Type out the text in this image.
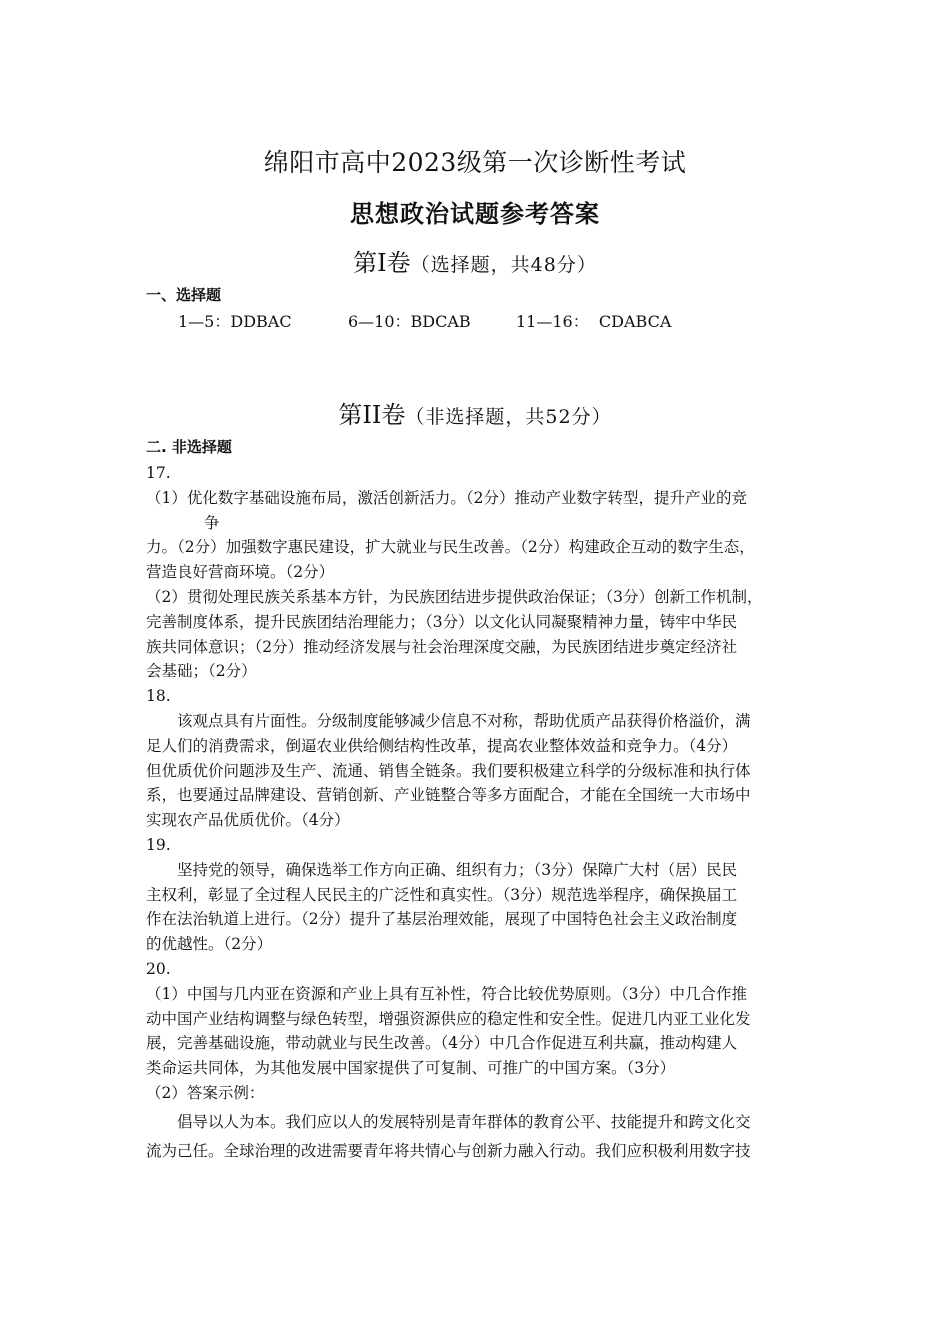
绵阳市高中2023级第一次诊断性考试
思想政治试题参考答案
第I卷（选择题，共48分）
一、选择题
1—5：DDBAC	6—10：BDCAB	11—16：  CDABCA
第II卷（非选择题，共52分）
二. 非选择题

17.

（1）优化数字基础设施布局，激活创新活力。（2分）推动产业数字转型，提升产业的竞

争

力。（2分）加强数字惠民建设，扩大就业与民生改善。（2分）构建政企互动的数字生态，

营造良好营商环境。（2分）

（2）贯彻处理民族关系基本方针，为民族团结进步提供政治保证；（3分）创新工作机制，

完善制度体系，提升民族团结治理能力；（3分）以文化认同凝聚精神力量，铸牢中华民

族共同体意识；（2分）推动经济发展与社会治理深度交融，为民族团结进步奠定经济社

会基础；（2分）

18.

该观点具有片面性。分级制度能够减少信息不对称，帮助优质产品获得价格溢价，满

足人们的消费需求，倒逼农业供给侧结构性改革，提高农业整体效益和竞争力。（4分）

但优质优价问题涉及生产、流通、销售全链条。我们要积极建立科学的分级标准和执行体

系，也要通过品牌建设、营销创新、产业链整合等多方面配合，才能在全国统一大市场中

实现农产品优质优价。（4分）

19.

坚持党的领导，确保选举工作方向正确、组织有力；（3分）保障广大村（居）民民

主权利，彰显了全过程人民民主的广泛性和真实性。（3分）规范选举程序，确保换届工

作在法治轨道上进行。（2分）提升了基层治理效能，展现了中国特色社会主义政治制度

的优越性。（2分）

20.

（1）中国与几内亚在资源和产业上具有互补性，符合比较优势原则。（3分）中几合作推

动中国产业结构调整与绿色转型，增强资源供应的稳定性和安全性。促进几内亚工业化发

展，完善基础设施，带动就业与民生改善。（4分）中几合作促进互利共赢，推动构建人

类命运共同体，为其他发展中国家提供了可复制、可推广的中国方案。（3分）

（2）答案示例：

倡导以人为本。我们应以人的发展特别是青年群体的教育公平、技能提升和跨文化交

流为己任。全球治理的改进需要青年将共情心与创新力融入行动。我们应积极利用数字技
